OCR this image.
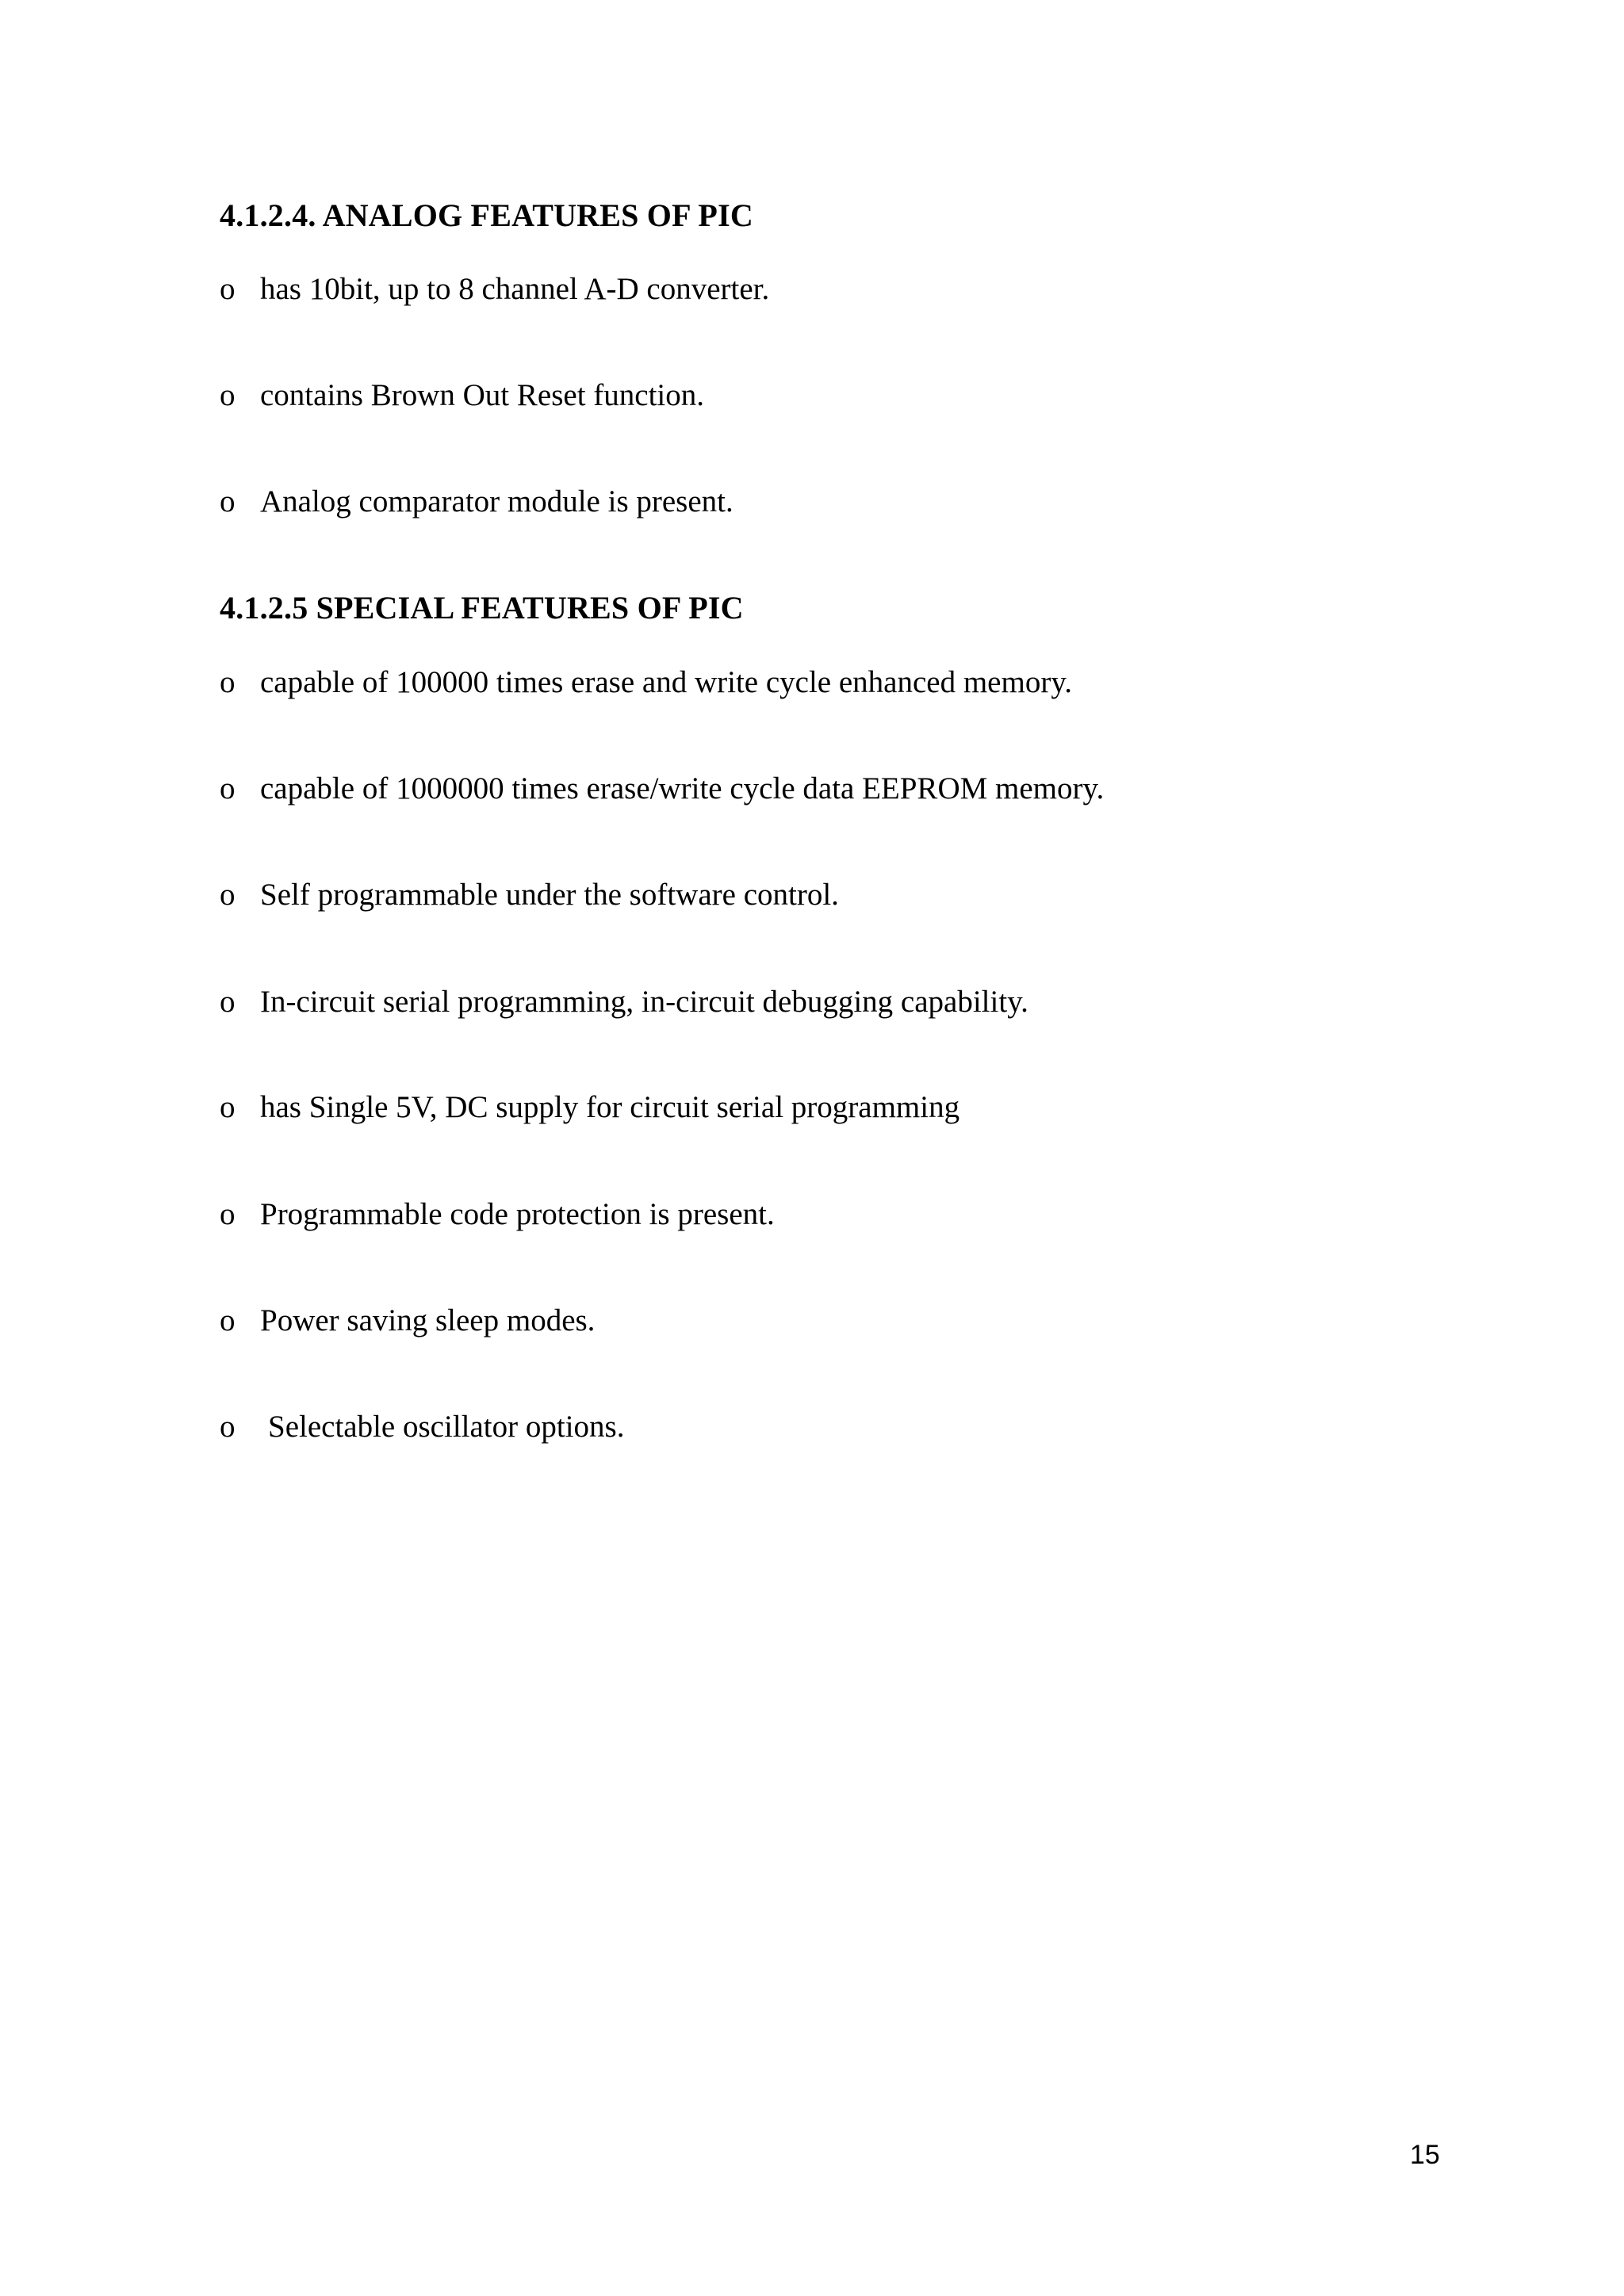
4.1.2.4. ANALOG FEATURES OF PIC
o has 10bit, up to 8 channel A-D converter.
o contains Brown Out Reset function.
o Analog comparator module is present.
4.1.2.5 SPECIAL FEATURES OF PIC
o capable of 100000 times erase and write cycle enhanced memory.
o capable of 1000000 times erase/write cycle data EEPROM memory.
o Self programmable under the software control.
o In-circuit serial programming, in-circuit debugging capability.
o has Single 5V, DC supply for circuit serial programming
o Programmable code protection is present.
o Power saving sleep modes.
o Selectable oscillator options.
15
